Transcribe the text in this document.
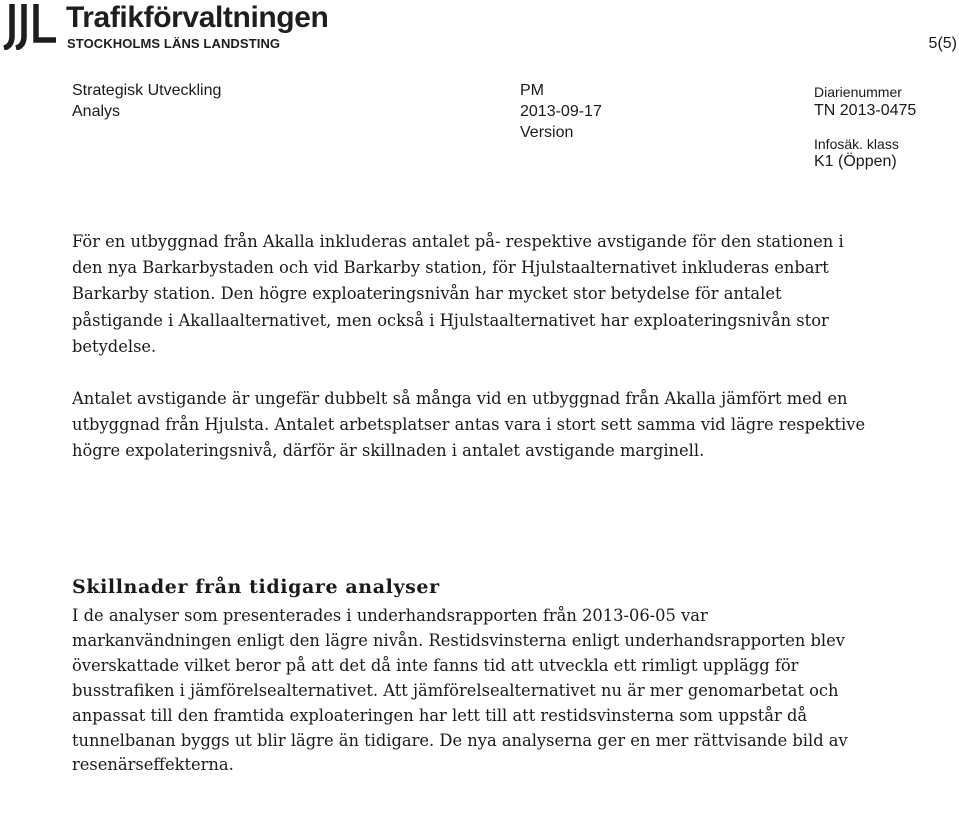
Trafikförvaltningen
STOCKHOLMS LÄNS LANDSTING	5(5)
Strategisk Utveckling
Analys
PM
2013-09-17
Version
Diarienummer
TN 2013-0475
Infosäk. klass
K1 (Öppen)

För en utbyggnad från Akalla inkluderas antalet på- respektive avstigande för den stationen i den nya Barkarbystaden och vid Barkarby station, för Hjulstaalternativet inkluderas enbart Barkarby station. Den högre exploateringsnivån har mycket stor betydelse för antalet påstigande i Akallaalternativet, men också i Hjulstaalternativet har exploateringsnivån stor betydelse.

Antalet avstigande är ungefär dubbelt så många vid en utbyggnad från Akalla jämfört med en utbyggnad från Hjulsta. Antalet arbetsplatser antas vara i stort sett samma vid lägre respektive högre expolateringsnivå, därför är skillnaden i antalet avstigande marginell.

Skillnader från tidigare analyser

I de analyser som presenterades i underhandsrapporten från 2013-06-05 var markanvändningen enligt den lägre nivån. Restidsvinsterna enligt underhandsrapporten blev överskattade vilket beror på att det då inte fanns tid att utveckla ett rimligt upplägg för busstrafiken i jämförelsealternativet. Att jämförelsealternativet nu är mer genomarbetat och anpassat till den framtida exploateringen har lett till att restidsvinsterna som uppstår då tunnelbanan byggs ut blir lägre än tidigare. De nya analyserna ger en mer rättvisande bild av resenärseffekterna.
